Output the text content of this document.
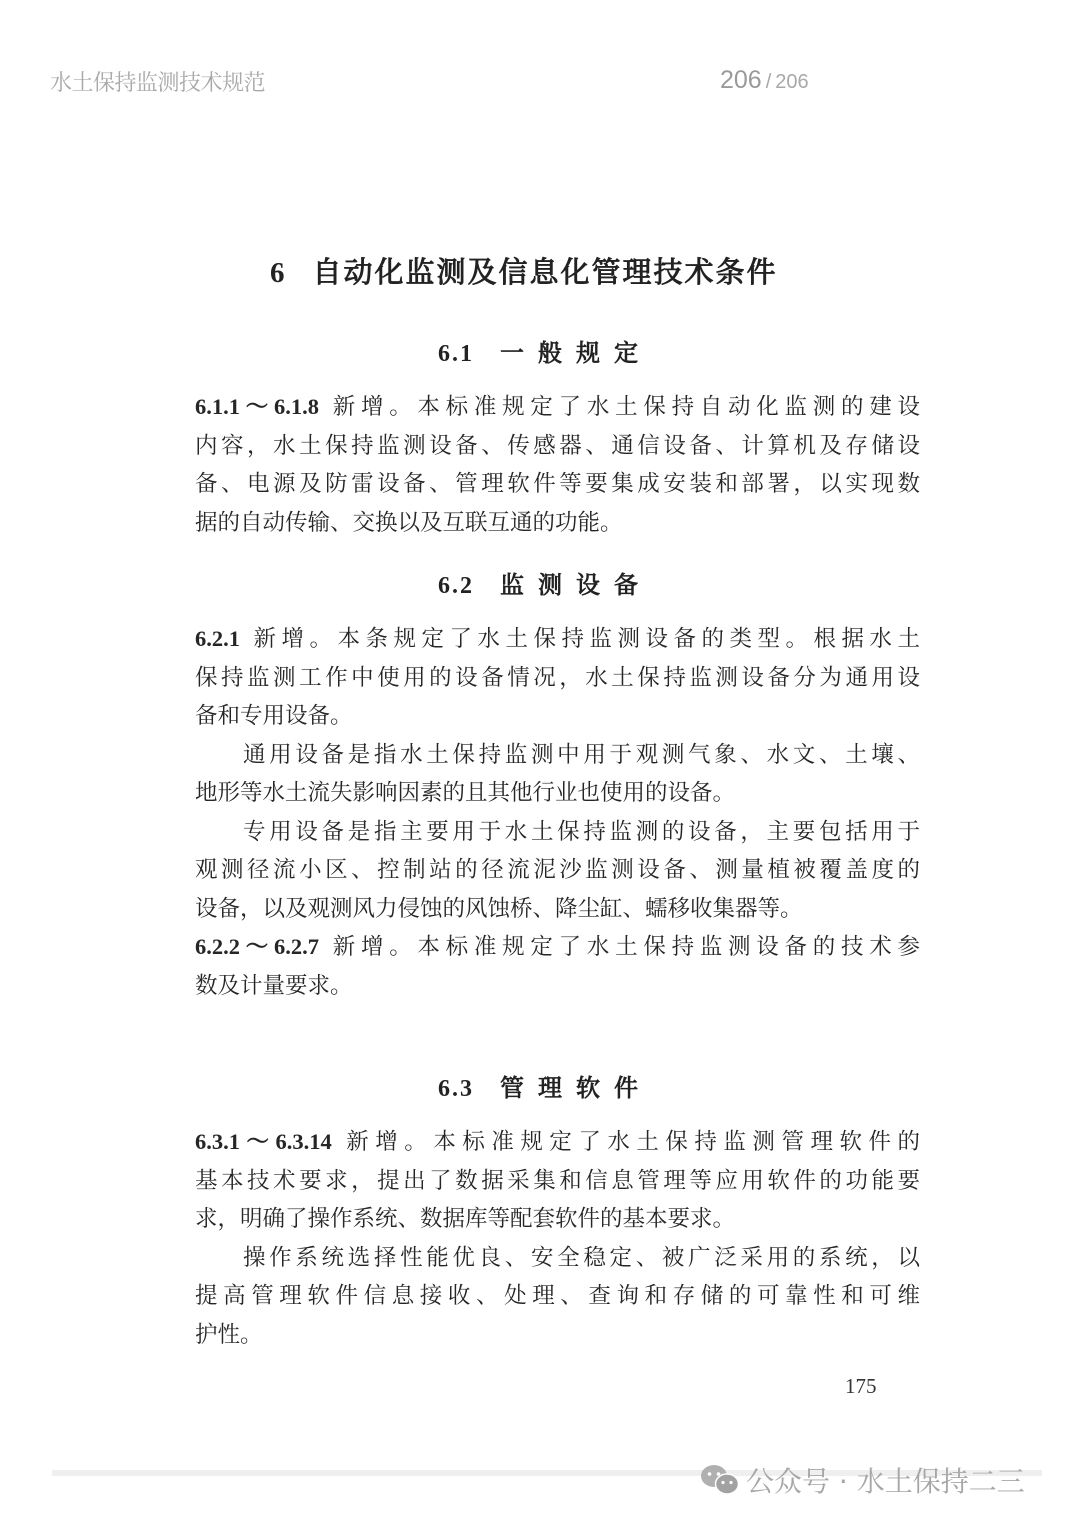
水土保持监测技术规范	206 / 206
6 自动化监测及信息化管理技术条件
6.1 一般规定
6.1.1～6.1.8 新增。本标准规定了水土保持自动化监测的建设
内容，水土保持监测设备、传感器、通信设备、计算机及存储设
备、电源及防雷设备、管理软件等要集成安装和部署，以实现数
据的自动传输、交换以及互联互通的功能。
6.2 监测设备
6.2.1 新增。本条规定了水土保持监测设备的类型。根据水土
保持监测工作中使用的设备情况，水土保持监测设备分为通用设
备和专用设备。
通用设备是指水土保持监测中用于观测气象、水文、土壤、
地形等水土流失影响因素的且其他行业也使用的设备。
专用设备是指主要用于水土保持监测的设备，主要包括用于
观测径流小区、控制站的径流泥沙监测设备、测量植被覆盖度的
设备，以及观测风力侵蚀的风蚀桥、降尘缸、蠕移收集器等。
6.2.2～6.2.7 新增。本标准规定了水土保持监测设备的技术参
数及计量要求。
6.3 管理软件
6.3.1～6.3.14 新增。本标准规定了水土保持监测管理软件的
基本技术要求，提出了数据采集和信息管理等应用软件的功能要
求，明确了操作系统、数据库等配套软件的基本要求。
操作系统选择性能优良、安全稳定、被广泛采用的系统，以
提高管理软件信息接收、处理、查询和存储的可靠性和可维
护性。
175
公众号 · 水土保持二三
